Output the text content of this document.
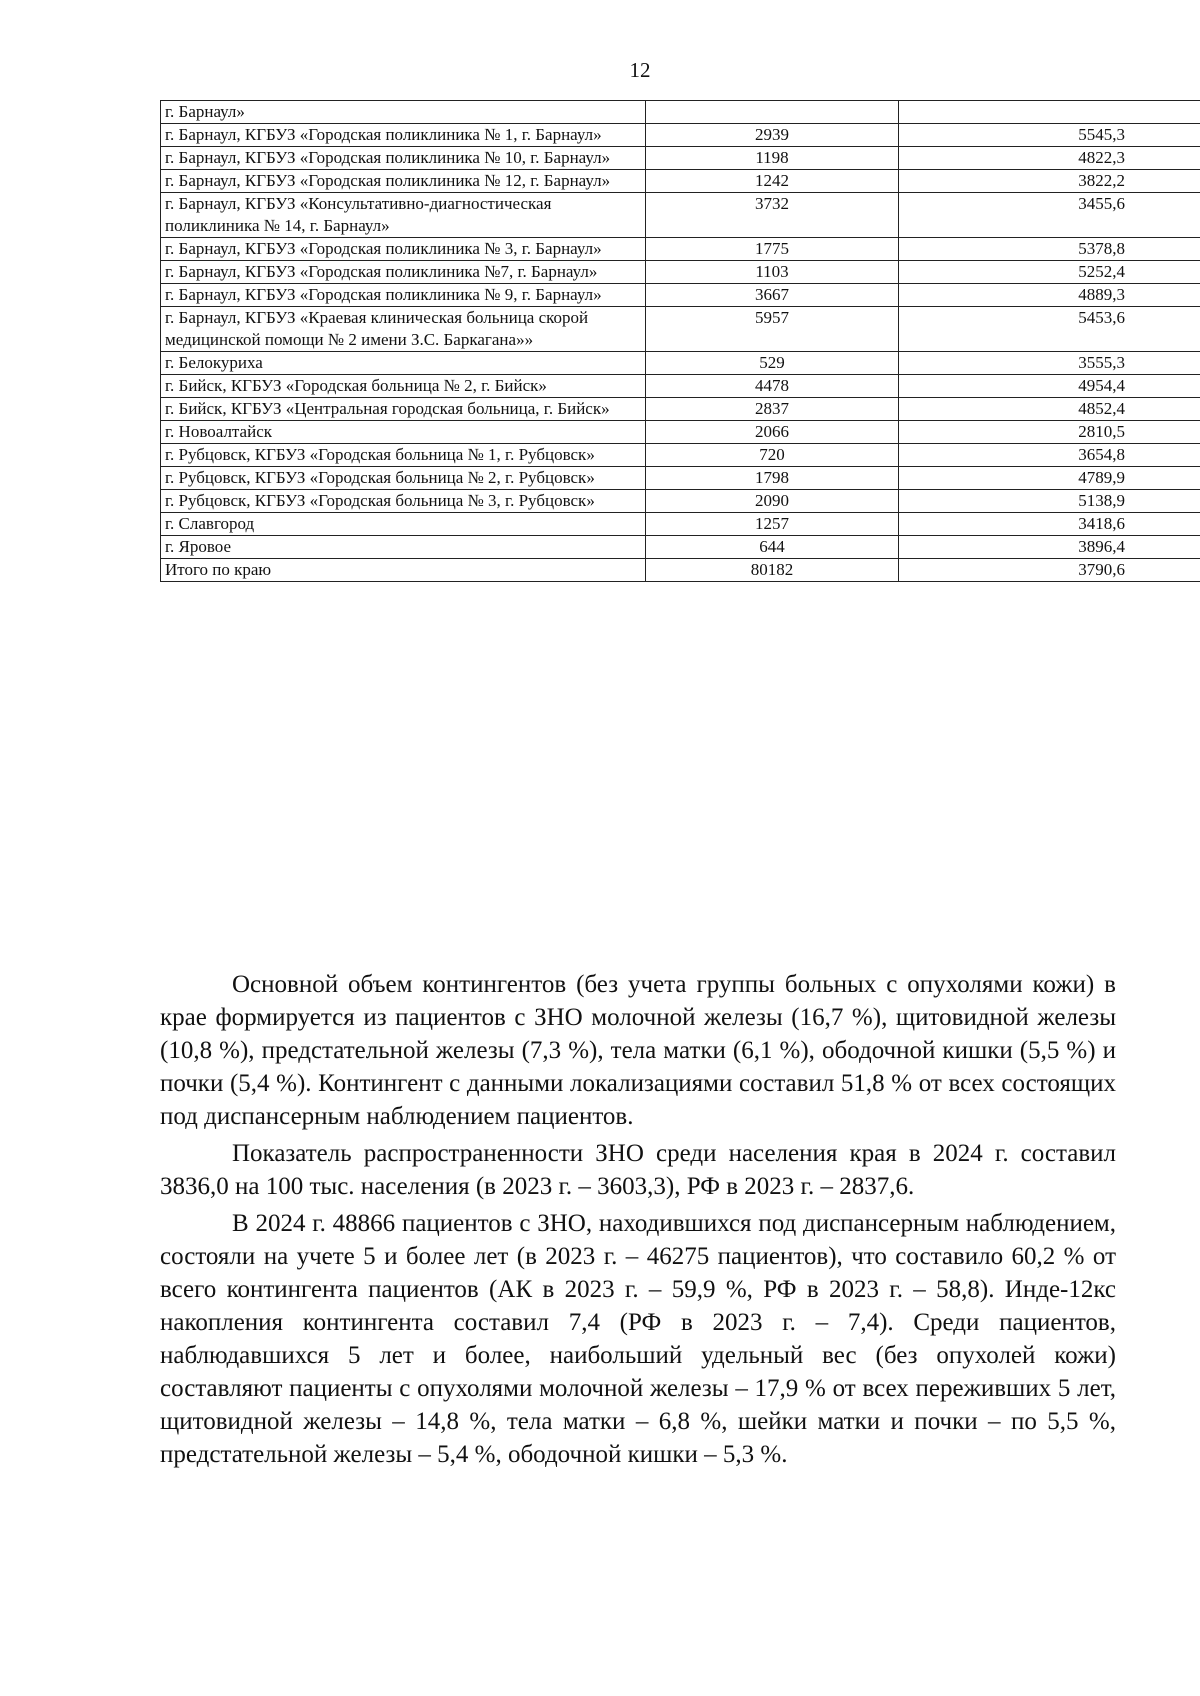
12
г. Барнаул»		
г. Барнаул, КГБУЗ «Городская поликлиника № 1, г. Барнаул»	2939	5545,3
г. Барнаул, КГБУЗ «Городская поликлиника № 10, г. Барнаул»	1198	4822,3
г. Барнаул, КГБУЗ «Городская поликлиника № 12, г. Барнаул»	1242	3822,2
г. Барнаул, КГБУЗ «Консультативно-диагностическая поликлиника № 14, г. Барнаул»	3732	3455,6
г. Барнаул, КГБУЗ «Городская поликлиника № 3, г. Барнаул»	1775	5378,8
г. Барнаул, КГБУЗ «Городская поликлиника №7, г. Барнаул»	1103	5252,4
г. Барнаул, КГБУЗ «Городская поликлиника № 9, г. Барнаул»	3667	4889,3
г. Барнаул, КГБУЗ «Краевая клиническая больница скорой медицинской помощи № 2 имени З.С. Баркагана»»	5957	5453,6
г. Белокуриха	529	3555,3
г. Бийск, КГБУЗ «Городская больница № 2, г. Бийск»	4478	4954,4
г. Бийск, КГБУЗ «Центральная городская больница, г. Бийск»	2837	4852,4
г. Новоалтайск	2066	2810,5
г. Рубцовск, КГБУЗ «Городская больница № 1, г. Рубцовск»	720	3654,8
г. Рубцовск, КГБУЗ «Городская больница № 2, г. Рубцовск»	1798	4789,9
г. Рубцовск, КГБУЗ «Городская больница № 3, г. Рубцовск»	2090	5138,9
г. Славгород	1257	3418,6
г. Яровое	644	3896,4
Итого по краю	80182	3790,6

Основной объем контингентов (без учета группы больных с опухолями кожи) в крае формируется из пациентов с ЗНО молочной железы (16,7 %), щитовидной железы (10,8 %), предстательной железы (7,3 %), тела матки (6,1 %), ободочной кишки (5,5 %) и почки (5,4 %). Контингент с данными локализациями составил 51,8 % от всех состоящих под диспансерным наблюдением пациентов.

Показатель распространенности ЗНО среди населения края в 2024 г. составил 3836,0 на 100 тыс. населения (в 2023 г. – 3603,3), РФ в 2023 г. – 2837,6.

В 2024 г. 48866 пациентов с ЗНО, находившихся под диспансерным наблюдением, состояли на учете 5 и более лет (в 2023 г. – 46275 пациентов), что составило 60,2 % от всего контингента пациентов (АК в 2023 г. – 59,9 %, РФ в 2023 г. – 58,8). Инде-12кс накопления контингента составил 7,4 (РФ в 2023 г. – 7,4). Среди пациентов, наблюдавшихся 5 лет и более, наибольший удельный вес (без опухолей кожи) составляют пациенты с опухолями молочной железы – 17,9 % от всех переживших 5 лет, щитовидной железы – 14,8 %, тела матки – 6,8 %, шейки матки и почки – по 5,5 %, предстательной железы – 5,4 %, ободочной кишки – 5,3 %.
